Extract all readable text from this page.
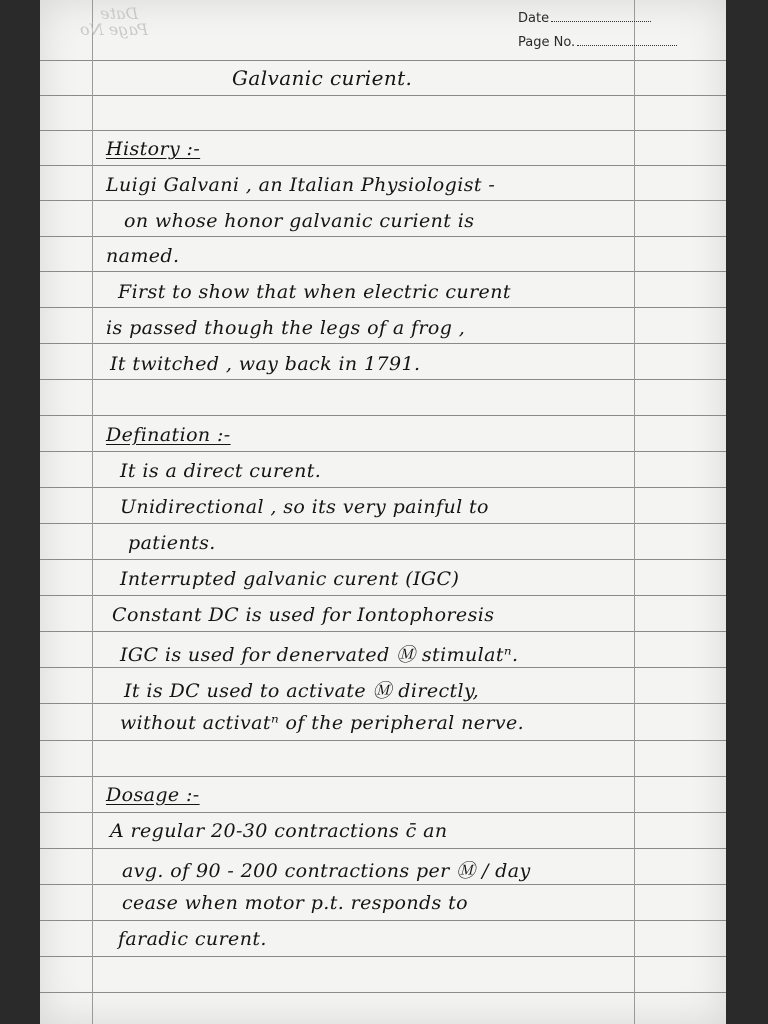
Date
Page No
Date
Page No.
Galvanic curient.
History :-
Luigi Galvani , an Italian Physiologist -
on whose honor galvanic curient is
named.
First to show that when electric curent
is passed though the legs of a frog ,
It twitched , way back in 1791.
Defination :-
It is a direct curent.
Unidirectional , so its very painful to
patients.
Interrupted galvanic curent (IGC)
Constant DC is used for Iontophoresis
IGC is used for denervated Ⓜ stimulatⁿ.
It is DC used to activate Ⓜ directly,
without activatⁿ of the peripheral nerve.
Dosage :-
A regular 20-30 contractions c̄ an
avg. of 90 - 200 contractions per Ⓜ / day
cease when motor p.t. responds to
faradic curent.
